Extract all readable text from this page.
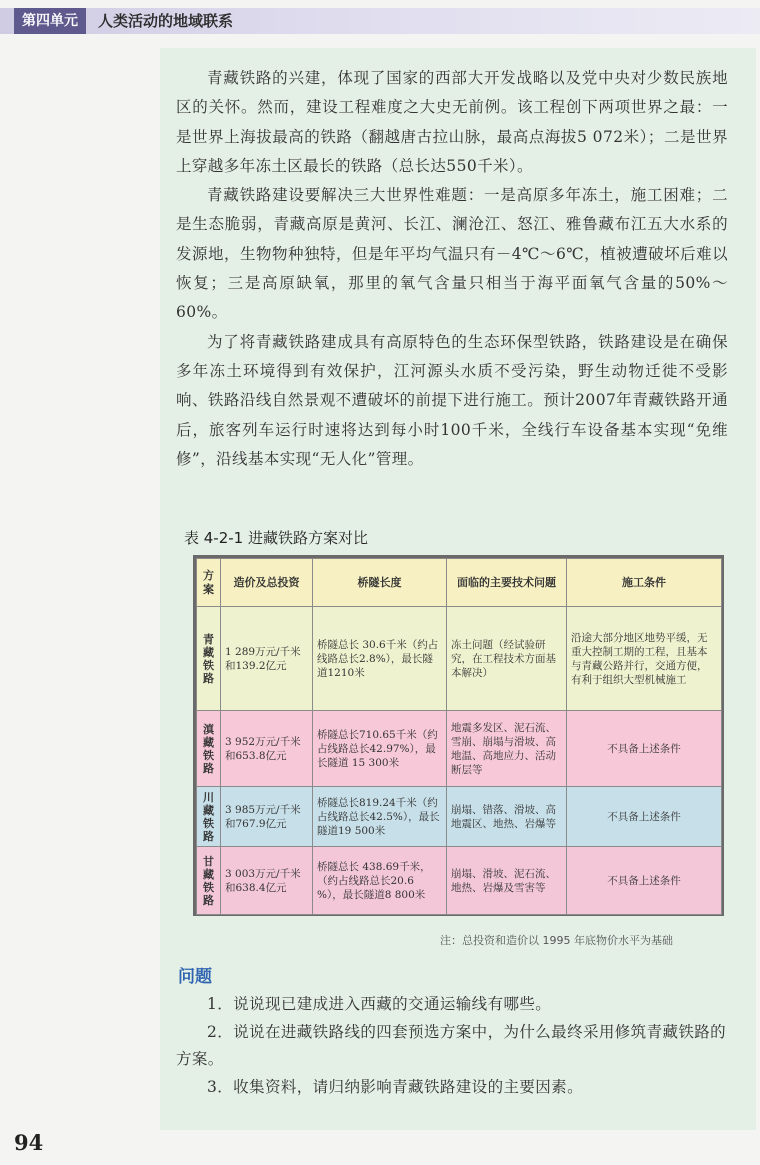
第四单元	人类活动的地域联系

青藏铁路的兴建，体现了国家的西部大开发战略以及党中央对少数民族地区的关怀。然而，建设工程难度之大史无前例。该工程创下两项世界之最：一是世界上海拔最高的铁路（翻越唐古拉山脉，最高点海拔5 072米）；二是世界上穿越多年冻土区最长的铁路（总长达550千米）。

青藏铁路建设要解决三大世界性难题：一是高原多年冻土，施工困难；二是生态脆弱，青藏高原是黄河、长江、澜沧江、怒江、雅鲁藏布江五大水系的发源地，生物物种独特，但是年平均气温只有－4℃～6℃，植被遭破坏后难以恢复；三是高原缺氧，那里的氧气含量只相当于海平面氧气含量的50%～60%。

为了将青藏铁路建成具有高原特色的生态环保型铁路，铁路建设是在确保多年冻土环境得到有效保护，江河源头水质不受污染，野生动物迁徙不受影响、铁路沿线自然景观不遭破坏的前提下进行施工。预计2007年青藏铁路开通后，旅客列车运行时速将达到每小时100千米，全线行车设备基本实现“免维修”，沿线基本实现“无人化”管理。

表 4-2-1 进藏铁路方案对比
方案	造价及总投资	桥隧长度	面临的主要技术问题	施工条件
青藏铁路	1 289万元/千米和139.2亿元	桥隧总长 30.6千米（约占线路总长2.8%），最长隧道1210米	冻土问题（经试验研究，在工程技术方面基本解决）	沿途大部分地区地势平缓，无重大控制工期的工程，且基本与青藏公路并行，交通方便，有利于组织大型机械施工
滇藏铁路	3 952万元/千米和653.8亿元	桥隧总长710.65千米（约占线路总长42.97%），最长隧道 15 300米	地震多发区、泥石流、雪崩、崩塌与滑坡、高地温、高地应力、活动断层等	不具备上述条件
川藏铁路	3 985万元/千米和767.9亿元	桥隧总长819.24千米（约占线路总长42.5%），最长隧道19 500米	崩塌、错落、滑坡、高地震区、地热、岩爆等	不具备上述条件
甘藏铁路	3 003万元/千米和638.4亿元	桥隧总长 438.69千米，（约占线路总长20.6 %），最长隧道8 800米	崩塌、滑坡、泥石流、地热、岩爆及雪害等	不具备上述条件
注：总投资和造价以 1995 年底物价水平为基础
问题

1．说说现已建成进入西藏的交通运输线有哪些。

2．说说在进藏铁路线的四套预选方案中，为什么最终采用修筑青藏铁路的方案。

3．收集资料，请归纳影响青藏铁路建设的主要因素。

94
